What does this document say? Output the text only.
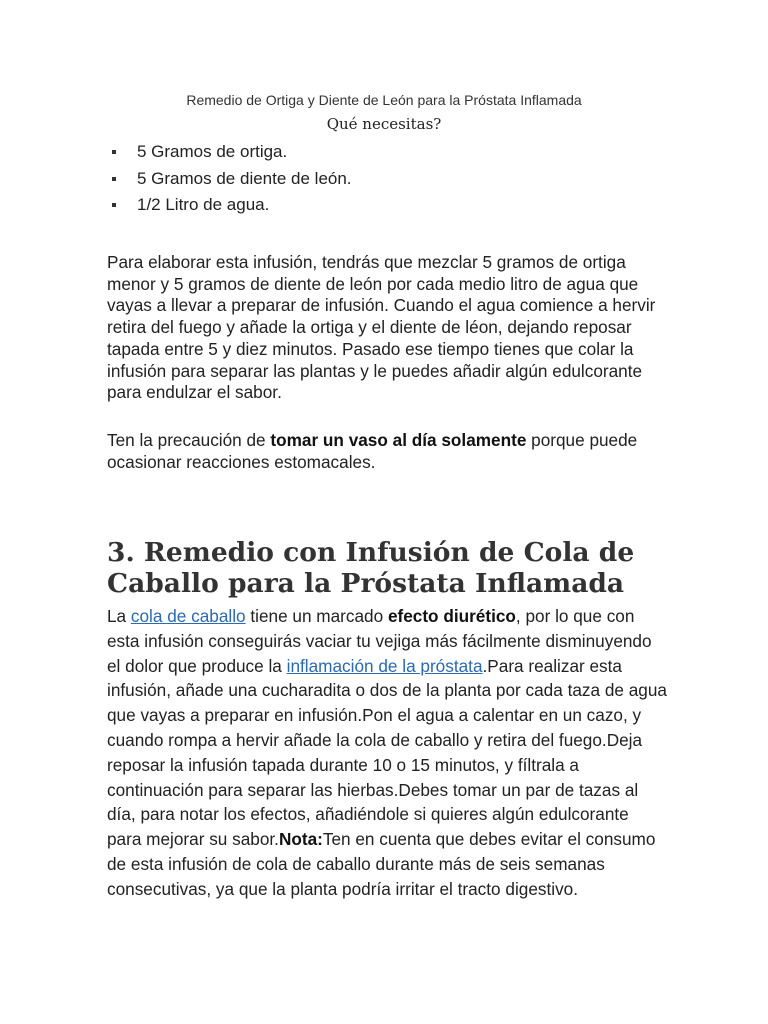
Remedio de Ortiga y Diente de León para la Próstata Inflamada
Qué necesitas?
5 Gramos de ortiga.
5 Gramos de diente de león.
1/2 Litro de agua.

Para elaborar esta infusión, tendrás que mezclar 5 gramos de ortiga menor y 5 gramos de diente de león por cada medio litro de agua que vayas a llevar a preparar de infusión. Cuando el agua comience a hervir retira del fuego y añade la ortiga y el diente de léon, dejando reposar tapada entre 5 y diez minutos. Pasado ese tiempo tienes que colar la infusión para separar las plantas y le puedes añadir algún edulcorante para endulzar el sabor.

Ten la precaución de tomar un vaso al día solamente porque puede ocasionar reacciones estomacales.

3. Remedio con Infusión de Cola de Caballo para la Próstata Inflamada

La cola de caballo tiene un marcado efecto diurético, por lo que con esta infusión conseguirás vaciar tu vejiga más fácilmente disminuyendo el dolor que produce la inflamación de la próstata.Para realizar esta infusión, añade una cucharadita o dos de la planta por cada taza de agua que vayas a preparar en infusión.Pon el agua a calentar en un cazo, y cuando rompa a hervir añade la cola de caballo y retira del fuego.Deja reposar la infusión tapada durante 10 o 15 minutos, y fíltrala a continuación para separar las hierbas.Debes tomar un par de tazas al día, para notar los efectos, añadiéndole si quieres algún edulcorante para mejorar su sabor.Nota:Ten en cuenta que debes evitar el consumo de esta infusión de cola de caballo durante más de seis semanas consecutivas, ya que la planta podría irritar el tracto digestivo.
